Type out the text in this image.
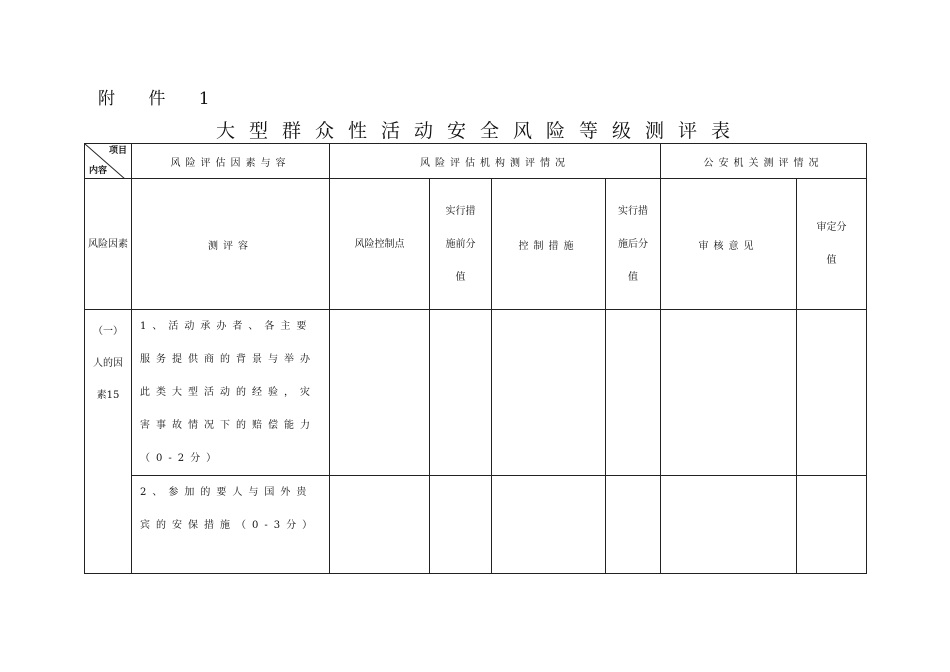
附 件 1
大型群众性活动安全风险等级测评表
项目
内容	风险评估因素与容	风险评估机构测评情况				公安机关测评情况	
风险因素	测评容	风险控制点	实行措施前分值	控制措施	实行措施后分值	审核意见	审定分值
（一）人的因素15	1、活动承办者、各主要服务提供商的背景与举办此类大型活动的经验，灾害事故情况下的赔偿能力（0-2分）						
	2、参加的要人与国外贵宾的安保措施（0-3分）						
